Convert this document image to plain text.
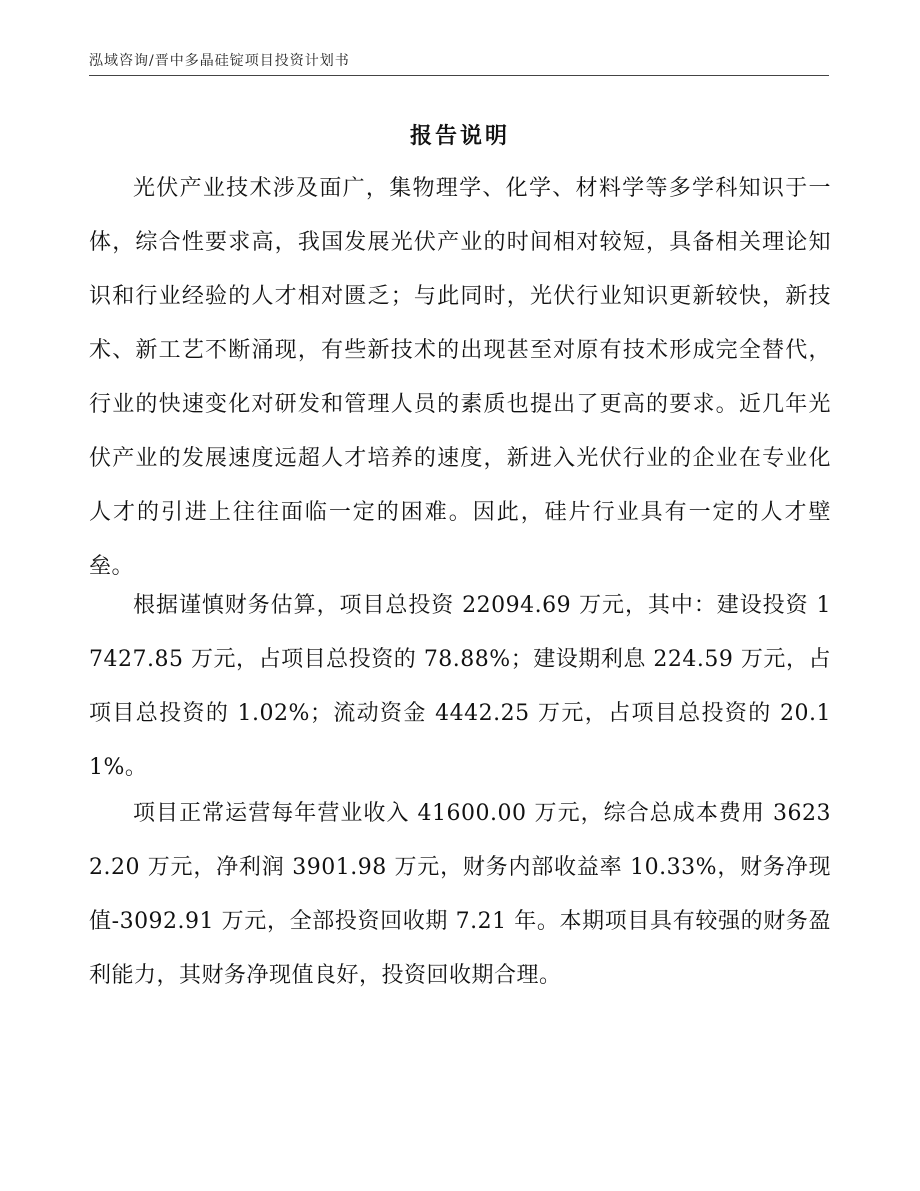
泓域咨询/晋中多晶硅锭项目投资计划书
报告说明

光伏产业技术涉及面广，集物理学、化学、材料学等多学科知识于一体，综合性要求高，我国发展光伏产业的时间相对较短，具备相关理论知识和行业经验的人才相对匮乏；与此同时，光伏行业知识更新较快，新技术、新工艺不断涌现，有些新技术的出现甚至对原有技术形成完全替代，行业的快速变化对研发和管理人员的素质也提出了更高的要求。近几年光伏产业的发展速度远超人才培养的速度，新进入光伏行业的企业在专业化人才的引进上往往面临一定的困难。因此，硅片行业具有一定的人才壁垒。

根据谨慎财务估算，项目总投资 22094.69 万元，其中：建设投资 17427.85 万元，占项目总投资的 78.88%；建设期利息 224.59 万元，占项目总投资的 1.02%；流动资金 4442.25 万元，占项目总投资的 20.11%。

项目正常运营每年营业收入 41600.00 万元，综合总成本费用 36232.20 万元，净利润 3901.98 万元，财务内部收益率 10.33%，财务净现值-3092.91 万元，全部投资回收期 7.21 年。本期项目具有较强的财务盈利能力，其财务净现值良好，投资回收期合理。
